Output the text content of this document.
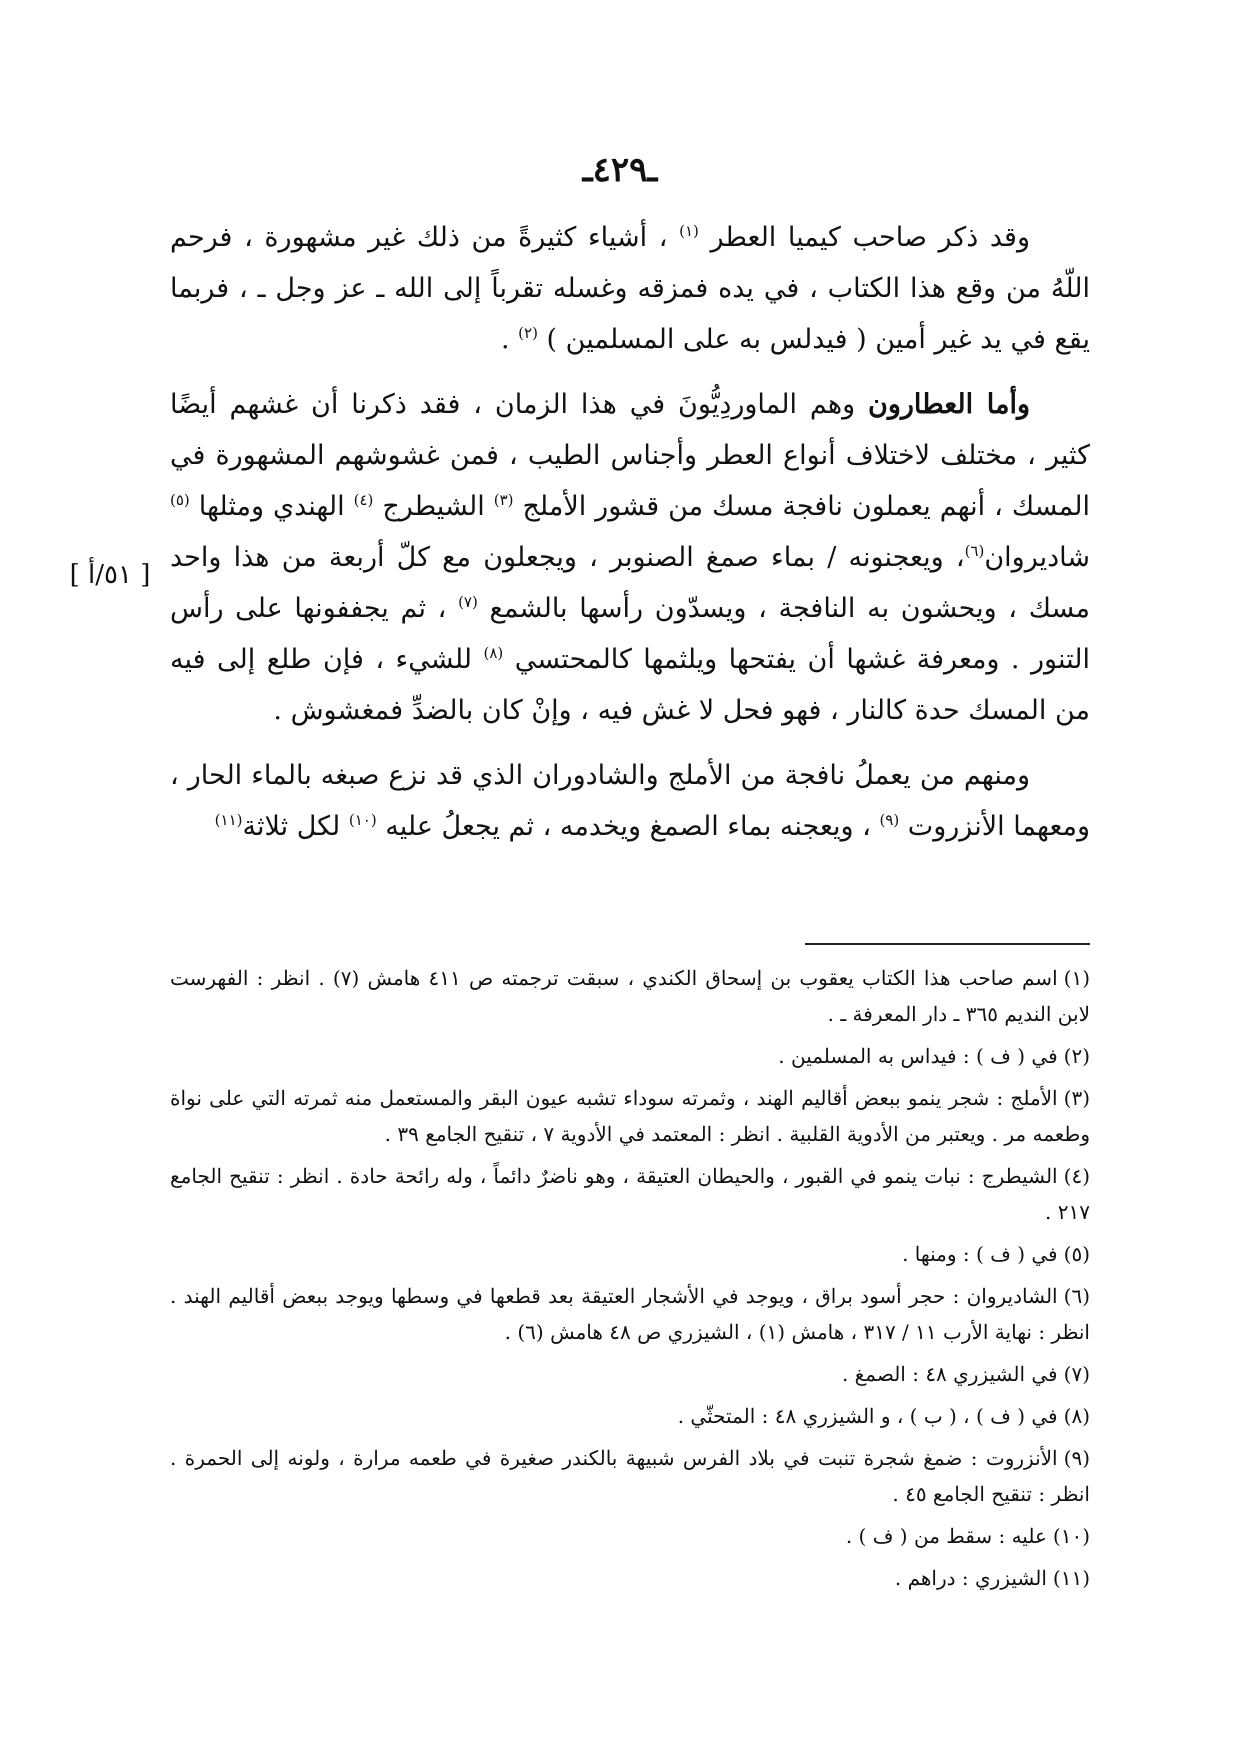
ـ٤٢٩ـ
[ ٥١/أ ]

وقد ذكر صاحب كيميا العطر $^{(١)}$ ، أشياء كثيرةً من ذلك غير مشهورة ، فرحم اللّهُ من وقع هذا الكتاب ، في يده فمزقه وغسله تقرباً إلى الله ـ عز وجل ـ ، فربما يقع في يد غير أمين ( فيدلس به على المسلمين ) $^{(٢)}$ .

وأما العطارون وهم الماوردِيُّونَ في هذا الزمان ، فقد ذكرنا أن غشهم أيضًا كثير ، مختلف لاختلاف أنواع العطر وأجناس الطيب ، فمن غشوشهم المشهورة في المسك ، أنهم يعملون نافجة مسك من قشور الأملج $^{(٣)}$ الشيطرج $^{(٤)}$ الهندي ومثلها $^{(٥)}$ شاديروان$^{(٦)}$، ويعجنونه / بماء صمغ الصنوبر ، ويجعلون مع كلّ أربعة من هذا واحد مسك ، ويحشون به النافجة ، ويسدّون رأسها بالشمع $^{(٧)}$ ، ثم يجففونها على رأس التنور . ومعرفة غشها أن يفتحها ويلثمها كالمحتسي $^{(٨)}$ للشيء ، فإن طلع إلى فيه من المسك حدة كالنار ، فهو فحل لا غش فيه ، وإنْ كان بالضدِّ فمغشوش .

ومنهم من يعملُ نافجة من الأملج والشادوران الذي قد نزع صبغه بالماء الحار ، ومعهما الأنزروت $^{(٩)}$ ، ويعجنه بماء الصمغ ويخدمه ، ثم يجعلُ عليه $^{(١٠)}$ لكل ثلاثة$^{(١١)}$

(١)اسم صاحب هذا الكتاب يعقوب بن إسحاق الكندي ، سبقت ترجمته ص ٤١١ هامش (٧) . انظر : الفهرست لابن النديم ٣٦٥ ـ دار المعرفة ـ .
(٢)في ( ف ) : فيداس به المسلمين .
(٣)الأملج : شجر ينمو ببعض أقاليم الهند ، وثمرته سوداء تشبه عيون البقر والمستعمل منه ثمرته التي على نواة وطعمه مر . ويعتبر من الأدوية القلبية . انظر : المعتمد في الأدوية ٧ ، تنقيح الجامع ٣٩ .
(٤)الشيطرج : نبات ينمو في القبور ، والحيطان العتيقة ، وهو ناضرٌ دائماً ، وله رائحة حادة . انظر : تنقيح الجامع ٢١٧ .
(٥)في ( ف ) : ومنها .
(٦)الشاديروان : حجر أسود براق ، ويوجد في الأشجار العتيقة بعد قطعها في وسطها ويوجد ببعض أقاليم الهند . انظر : نهاية الأرب ١١ / ٣١٧ ، هامش (١) ، الشيزري ص ٤٨ هامش (٦) .
(٧)في الشيزري ٤٨ : الصمغ .
(٨)في ( ف ) ، ( ب ) ، و الشيزري ٤٨ : المتحثّي .
(٩)الأنزروت : ضمغ شجرة تنبت في بلاد الفرس شبيهة بالكندر صغيرة في طعمه مرارة ، ولونه إلى الحمرة . انظر : تنقيح الجامع ٤٥ .
(١٠)عليه : سقط من ( ف ) .
(١١)الشيزري : دراهم .
